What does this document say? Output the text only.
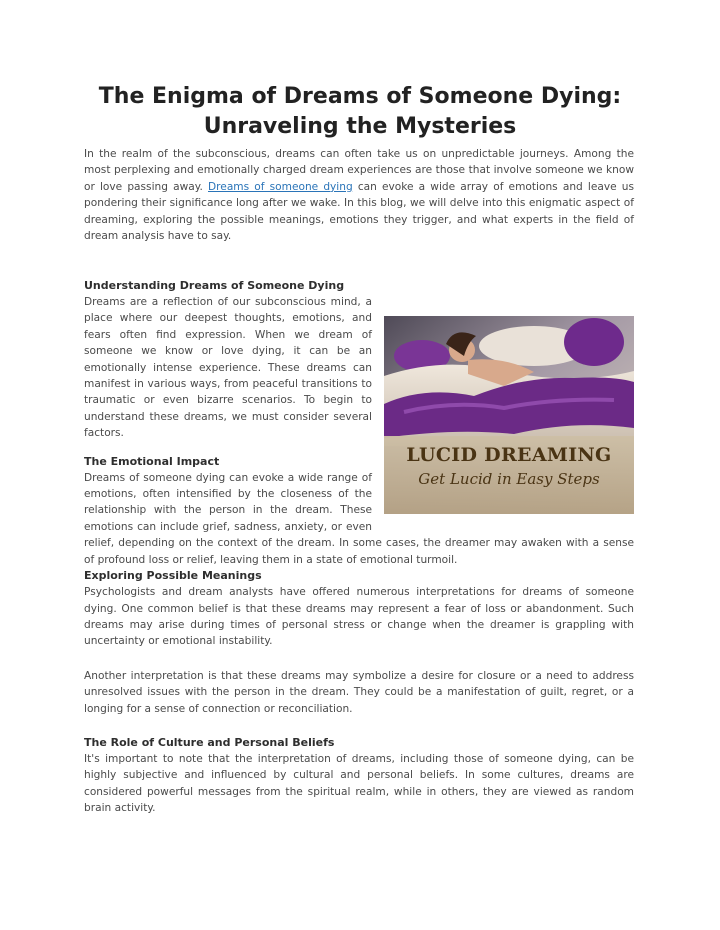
The Enigma of Dreams of Someone Dying:
Unraveling the Mysteries

In the realm of the subconscious, dreams can often take us on unpredictable journeys. Among the most perplexing and emotionally charged dream experiences are those that involve someone we know or love passing away. Dreams of someone dying can evoke a wide array of emotions and leave us pondering their significance long after we wake. In this blog, we will delve into this enigmatic aspect of dreaming, exploring the possible meanings, emotions they trigger, and what experts in the field of dream analysis have to say.

LUCID DREAMING
Get Lucid in Easy Steps

Understanding Dreams of Someone Dying

Dreams are a reflection of our subconscious mind, a place where our deepest thoughts, emotions, and fears often find expression. When we dream of someone we know or love dying, it can be an emotionally intense experience. These dreams can manifest in various ways, from peaceful transitions to traumatic or even bizarre scenarios. To begin to understand these dreams, we must consider several factors.

The Emotional Impact

Dreams of someone dying can evoke a wide range of emotions, often intensified by the closeness of the relationship with the person in the dream. These emotions can include grief, sadness, anxiety, or even relief, depending on the context of the dream. In some cases, the dreamer may awaken with a sense of profound loss or relief, leaving them in a state of emotional turmoil.

Exploring Possible Meanings

Psychologists and dream analysts have offered numerous interpretations for dreams of someone dying. One common belief is that these dreams may represent a fear of loss or abandonment. Such dreams may arise during times of personal stress or change when the dreamer is grappling with uncertainty or emotional instability.

Another interpretation is that these dreams may symbolize a desire for closure or a need to address unresolved issues with the person in the dream. They could be a manifestation of guilt, regret, or a longing for a sense of connection or reconciliation.

The Role of Culture and Personal Beliefs

It's important to note that the interpretation of dreams, including those of someone dying, can be highly subjective and influenced by cultural and personal beliefs. In some cultures, dreams are considered powerful messages from the spiritual realm, while in others, they are viewed as random brain activity.
